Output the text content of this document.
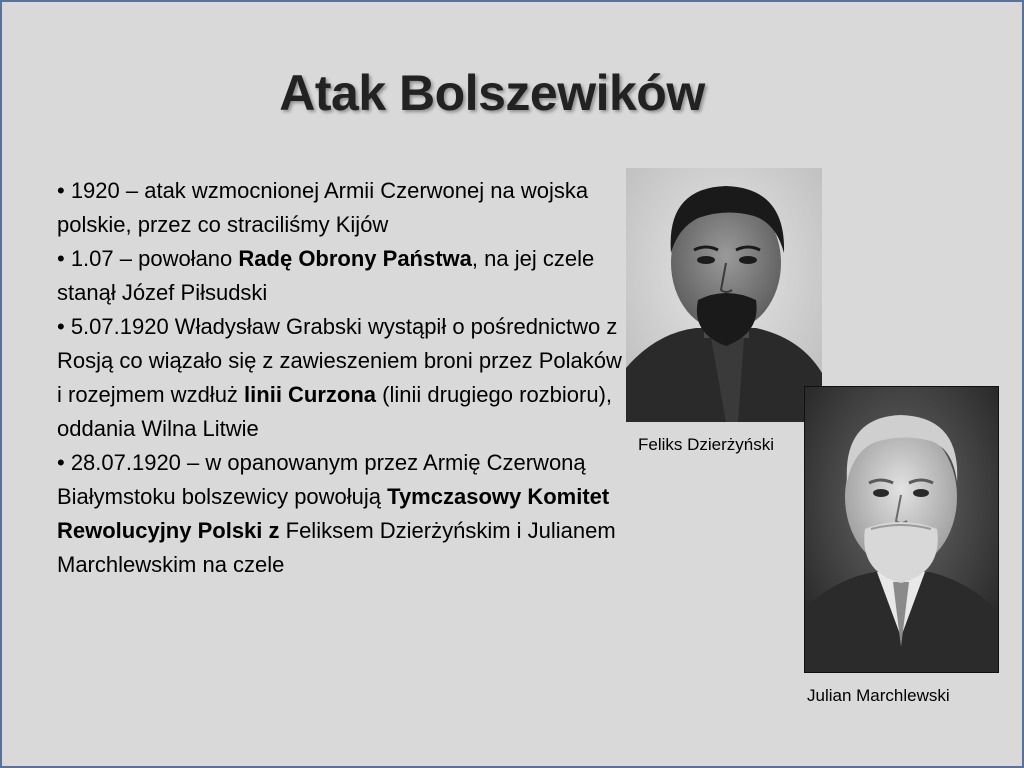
Atak Bolszewików

• 1920 – atak wzmocnionej Armii Czerwonej na wojska polskie, przez co straciliśmy Kijów

• 1.07 – powołano Radę Obrony Państwa, na jej czele stanął Józef Piłsudski

• 5.07.1920 Władysław Grabski wystąpił o pośrednictwo z Rosją co wiązało się z zawieszeniem broni przez Polaków i rozejmem wzdłuż linii Curzona (linii drugiego rozbioru), oddania Wilna Litwie

• 28.07.1920 – w opanowanym przez Armię Czerwoną Białymstoku bolszewicy powołują Tymczasowy Komitet Rewolucyjny Polski z Feliksem Dzierżyńskim i Julianem Marchlewskim na czele

Feliks Dzierżyński
Julian Marchlewski
